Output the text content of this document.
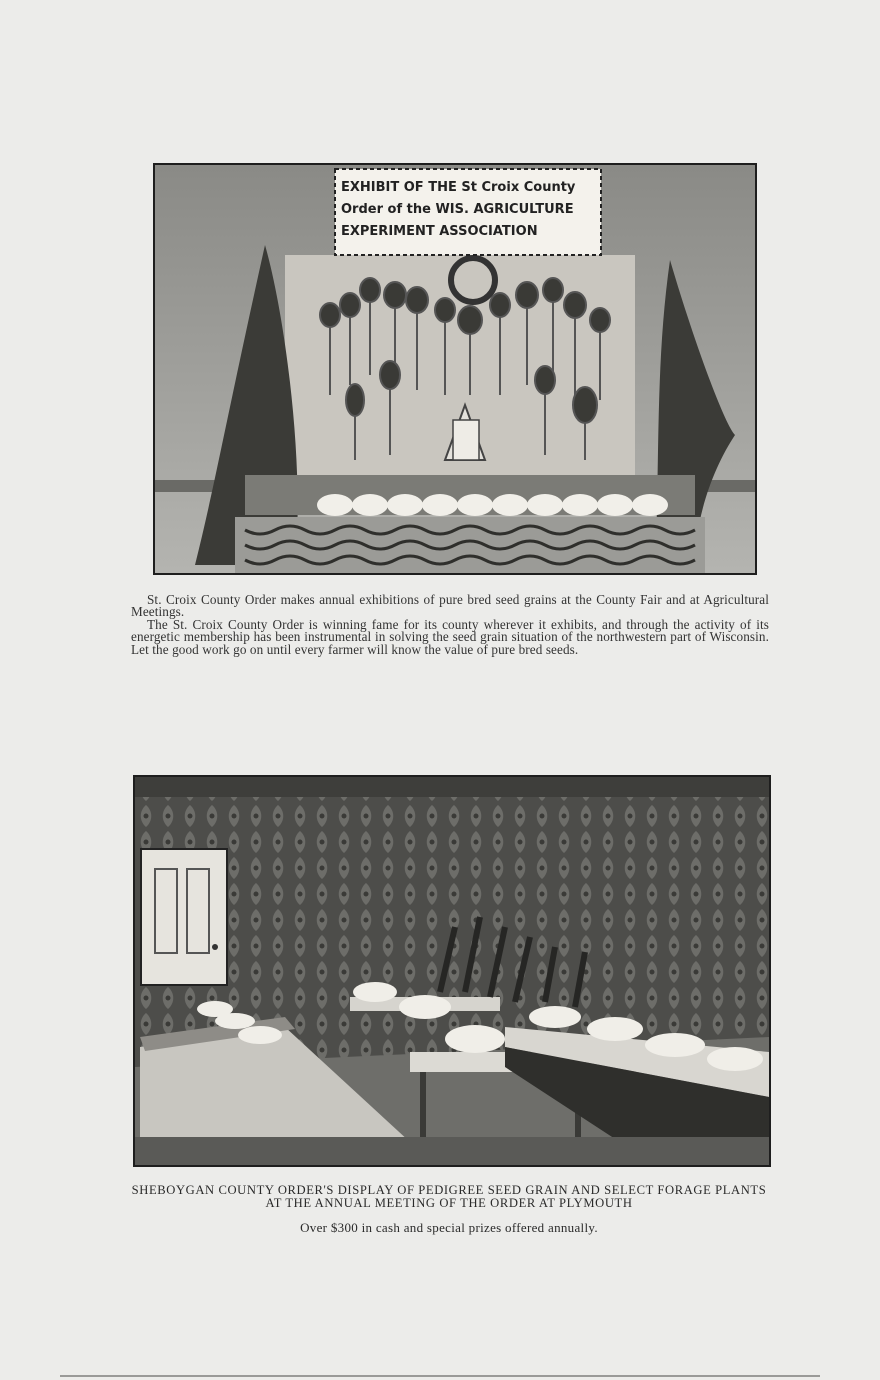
EXHIBIT OF THE St Croix County
Order of the WIS. AGRICULTURE
EXPERIMENT ASSOCIATION

St. Croix County Order makes annual exhibitions of pure bred seed grains at the County Fair and at Agricultural Meetings.

The St. Croix County Order is winning fame for its county wherever it exhibits, and through the activity of its energetic membership has been instrumental in solving the seed grain situation of the northwestern part of Wisconsin. Let the good work go on until every farmer will know the value of pure bred seeds.

SHEBOYGAN COUNTY ORDER'S DISPLAY OF PEDIGREE SEED GRAIN AND SELECT FORAGE PLANTS AT THE ANNUAL MEETING OF THE ORDER AT PLYMOUTH
Over $300 in cash and special prizes offered annually.
